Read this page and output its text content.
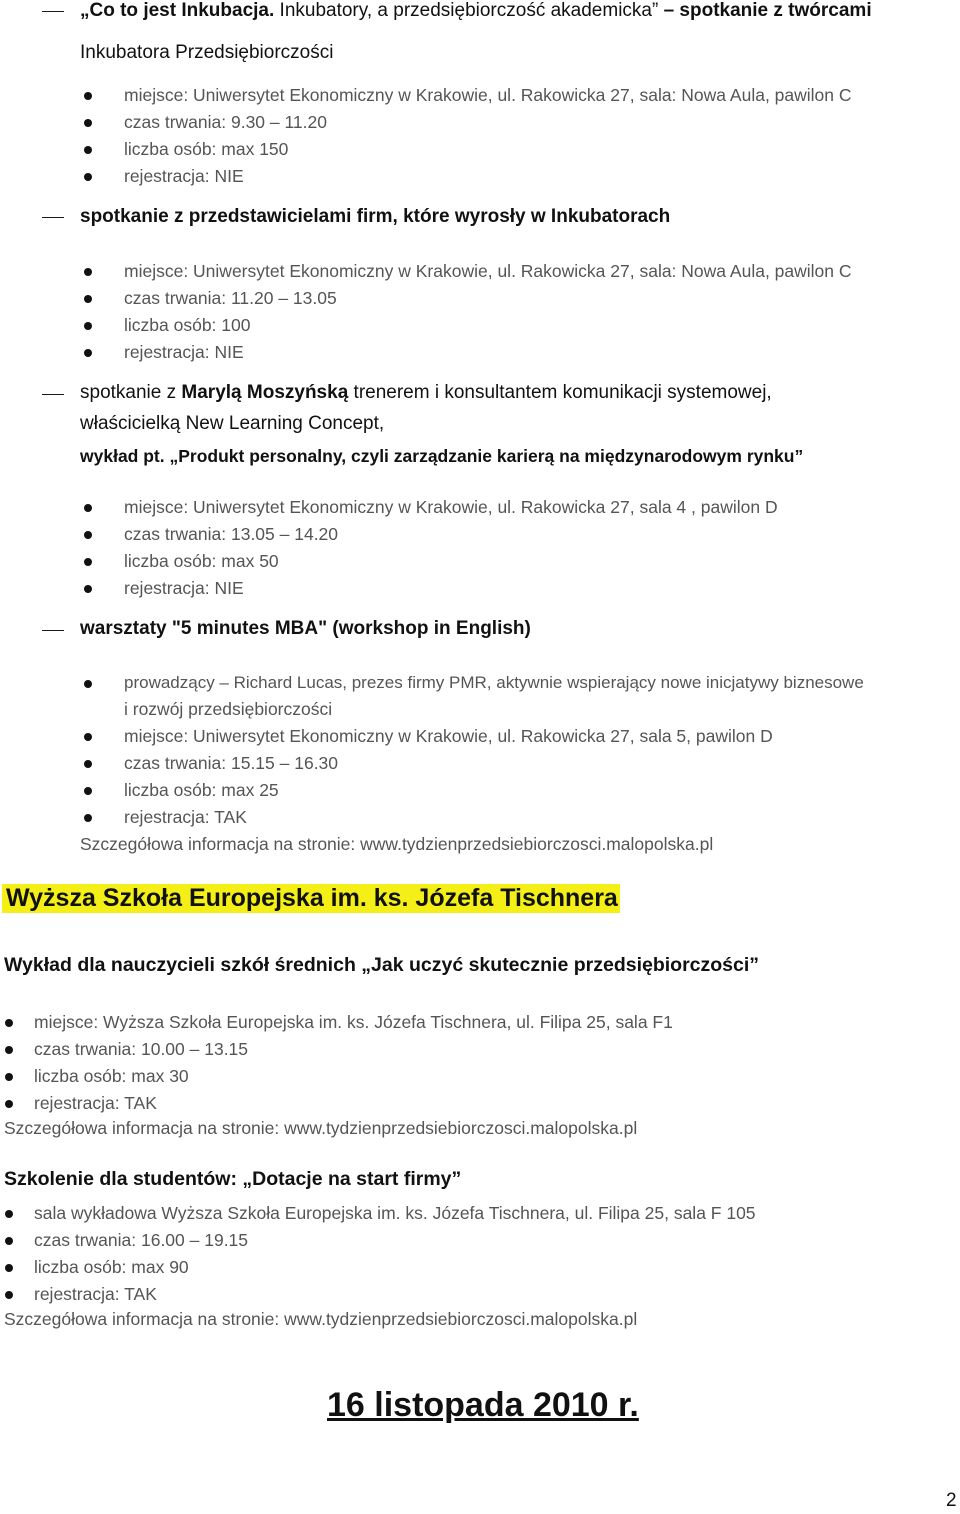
„Co to jest Inkubacja. Inkubatory, a przedsiębiorczość akademicka” – spotkanie z twórcami
Inkubatora Przedsiębiorczości
miejsce: Uniwersytet Ekonomiczny w Krakowie, ul. Rakowicka 27, sala: Nowa Aula, pawilon C
czas trwania: 9.30 – 11.20
liczba osób: max 150
rejestracja: NIE
spotkanie z przedstawicielami firm, które wyrosły w Inkubatorach
miejsce: Uniwersytet Ekonomiczny w Krakowie, ul. Rakowicka 27, sala: Nowa Aula, pawilon C
czas trwania: 11.20 – 13.05
liczba osób: 100
rejestracja: NIE
spotkanie z Marylą Moszyńską trenerem i konsultantem komunikacji systemowej,
właścicielką New Learning Concept,
wykład pt. „Produkt personalny, czyli zarządzanie karierą na międzynarodowym rynku”
miejsce: Uniwersytet Ekonomiczny w Krakowie, ul. Rakowicka 27, sala 4 , pawilon D
czas trwania: 13.05 – 14.20
liczba osób: max 50
rejestracja: NIE
warsztaty "5 minutes MBA" (workshop in English)
prowadzący – Richard Lucas, prezes firmy PMR, aktywnie wspierający nowe inicjatywy biznesowe
i rozwój przedsiębiorczości
miejsce: Uniwersytet Ekonomiczny w Krakowie, ul. Rakowicka 27, sala 5, pawilon D
czas trwania: 15.15 – 16.30
liczba osób: max 25
rejestracja: TAK
Szczegółowa informacja na stronie: www.tydzienprzedsiebiorczosci.malopolska.pl
Wyższa Szkoła Europejska im. ks. Józefa Tischnera
Wykład dla nauczycieli szkół średnich „Jak uczyć skutecznie przedsiębiorczości”
miejsce: Wyższa Szkoła Europejska im. ks. Józefa Tischnera, ul. Filipa 25, sala F1
czas trwania: 10.00 – 13.15
liczba osób: max 30
rejestracja: TAK
Szczegółowa informacja na stronie: www.tydzienprzedsiebiorczosci.malopolska.pl
Szkolenie dla studentów: „Dotacje na start firmy”
sala wykładowa Wyższa Szkoła Europejska im. ks. Józefa Tischnera, ul. Filipa 25, sala F 105
czas trwania: 16.00 – 19.15
liczba osób: max 90
rejestracja: TAK
Szczegółowa informacja na stronie: www.tydzienprzedsiebiorczosci.malopolska.pl
16 listopada 2010 r.
2
